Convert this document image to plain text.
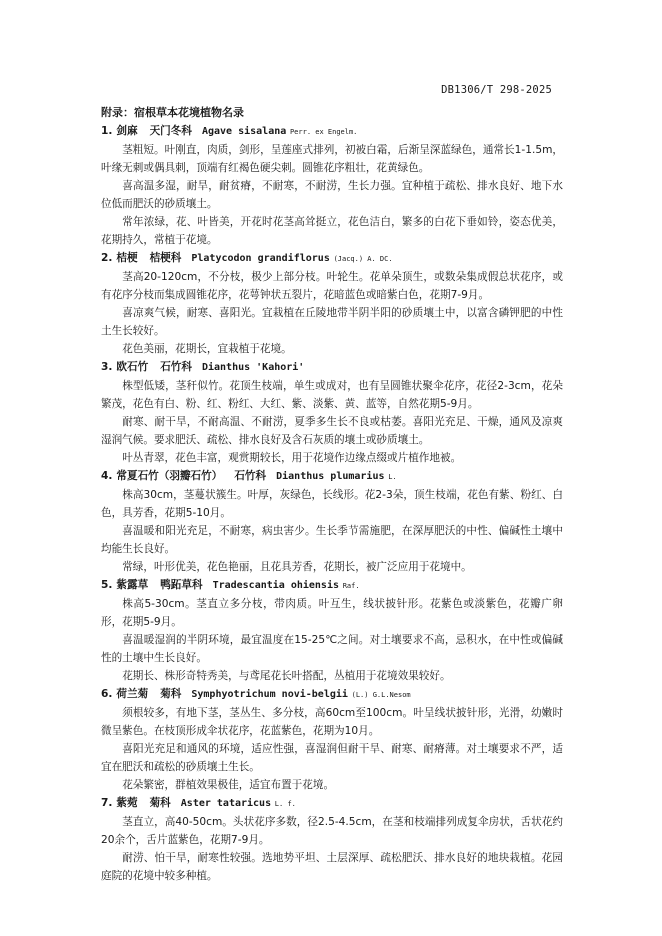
DB1306/T 298-2025

附录：宿根草本花境植物名录

1. 剑麻 天门冬科 Agave sisalana Perr. ex Engelm.

茎粗短。叶刚直，肉质，剑形，呈莲座式排列，初被白霜，后渐呈深蓝绿色，通常长1-1.5m，叶缘无刺或偶具刺，顶端有红褐色硬尖刺。圆锥花序粗壮，花黄绿色。

喜高温多湿，耐旱，耐贫瘠，不耐寒，不耐涝，生长力强。宜种植于疏松、排水良好、地下水位低而肥沃的砂质壤土。

常年浓绿，花、叶皆美，开花时花茎高耸挺立，花色洁白，繁多的白花下垂如铃，姿态优美，花期持久，常植于花境。

2. 桔梗 桔梗科 Platycodon grandiflorus (Jacq.) A. DC.

茎高20-120cm，不分枝，极少上部分枝。叶轮生。花单朵顶生，或数朵集成假总状花序，或有花序分枝而集成圆锥花序，花萼钟状五裂片，花暗蓝色或暗紫白色，花期7-9月。

喜凉爽气候，耐寒、喜阳光。宜栽植在丘陵地带半阴半阳的砂质壤土中，以富含磷钾肥的中性土生长较好。

花色美丽，花期长，宜栽植于花境。

3. 欧石竹 石竹科 Dianthus 'Kahori'

株型低矮，茎秆似竹。花顶生枝端，单生或成对，也有呈圆锥状聚伞花序，花径2-3cm，花朵繁茂，花色有白、粉、红、粉红、大红、紫、淡紫、黄、蓝等，自然花期5-9月。

耐寒、耐干旱，不耐高温、不耐涝，夏季多生长不良或枯萎。喜阳光充足、干燥，通风及凉爽湿润气候。要求肥沃、疏松、排水良好及含石灰质的壤土或砂质壤土。

叶丛青翠，花色丰富，观赏期较长，用于花境作边缘点缀或片植作地被。

4. 常夏石竹（羽瓣石竹） 石竹科 Dianthus plumarius L.

株高30cm，茎蔓状簇生。叶厚，灰绿色，长线形。花2-3朵，顶生枝端，花色有紫、粉红、白色，具芳香，花期5-10月。

喜温暖和阳光充足，不耐寒，病虫害少。生长季节需施肥，在深厚肥沃的中性、偏碱性土壤中均能生长良好。

常绿，叶形优美，花色艳丽，且花具芳香，花期长，被广泛应用于花境中。

5. 紫露草 鸭跖草科 Tradescantia ohiensis Raf.

株高5-30cm。茎直立多分枝，带肉质。叶互生，线状披针形。花紫色或淡紫色，花瓣广卵形，花期5-9月。

喜温暖湿润的半阴环境，最宜温度在15-25℃之间。对土壤要求不高，忌积水，在中性或偏碱性的土壤中生长良好。

花期长、株形奇特秀美，与鸢尾花长叶搭配，丛植用于花境效果较好。

6. 荷兰菊 菊科 Symphyotrichum novi-belgii (L.) G.L.Nesom

须根较多，有地下茎，茎丛生、多分枝，高60cm至100cm。叶呈线状披针形，光滑，幼嫩时微呈紫色。在枝顶形成伞状花序，花蓝紫色，花期为10月。

喜阳光充足和通风的环境，适应性强，喜湿润但耐干旱、耐寒、耐瘠薄。对土壤要求不严，适宜在肥沃和疏松的砂质壤土生长。

花朵繁密，群植效果极佳，适宜布置于花境。

7. 紫菀 菊科 Aster tataricus L. f.

茎直立，高40-50cm。头状花序多数，径2.5-4.5cm，在茎和枝端排列成复伞房状，舌状花约20余个，舌片蓝紫色，花期7-9月。

耐涝、怕干旱，耐寒性较强。选地势平坦、土层深厚、疏松肥沃、排水良好的地块栽植。花园庭院的花境中较多种植。
